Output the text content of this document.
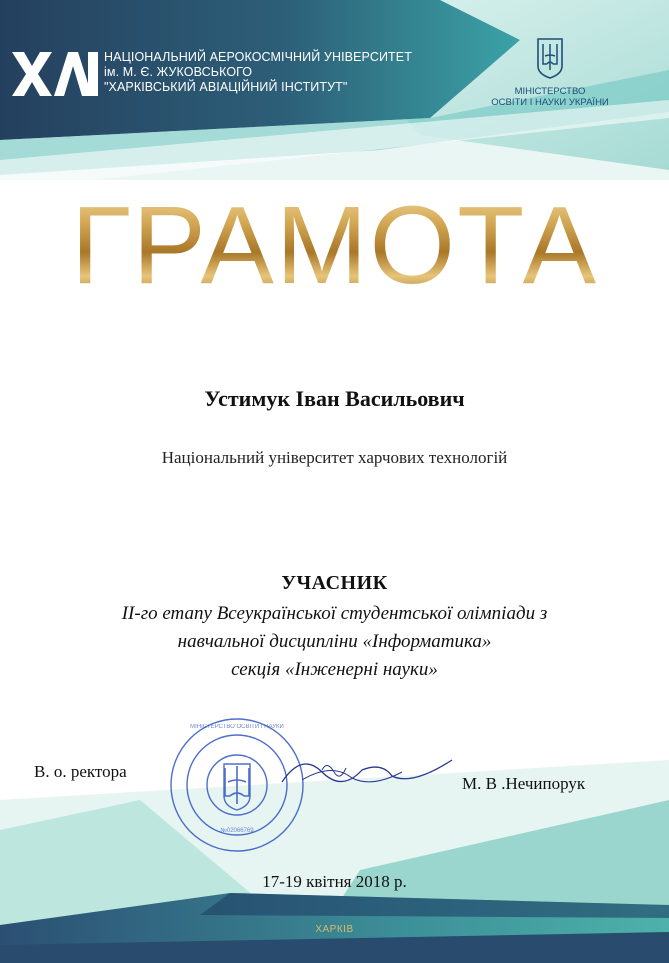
НАЦІОНАЛЬНИЙ АЕРОКОСМІЧНИЙ УНІВЕРСИТЕТ
ім. М. Є. ЖУКОВСЬКОГО
"ХАРКІВСЬКИЙ АВІАЦІЙНИЙ ІНСТИТУТ"	МІНІСТЕРСТВО
ОСВІТИ І НАУКИ УКРАЇНИ
ГРАМОТА
Устимук Іван Васильович
Національний університет харчових технологій
УЧАСНИК
ІІ-го етапу Всеукраїнської студентської олімпіади з
навчальної дисципліни «Інформатика»
секція «Інженерні науки»
В. о. ректора
МІНІСТЕРСТВО ОСВІТИ І НАУКИ
№02066769
М. В .Нечипорук
17-19 квітня 2018 р.
ХАРКІВ
